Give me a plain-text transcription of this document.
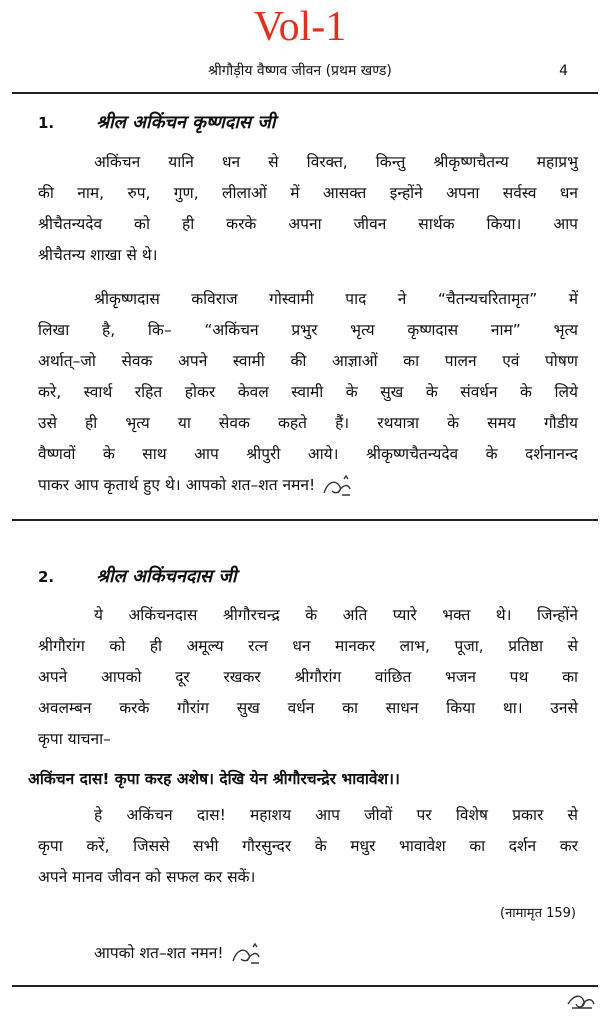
Vol-1
श्रीगौड़ीय वैष्णव जीवन (प्रथम खण्ड)	4
1. श्रील अकिंचन कृष्णदास जी

अकिंचन यानि धन से विरक्त, किन्तु श्रीकृष्णचैतन्य महाप्रभु
की नाम, रुप, गुण, लीलाओं में आसक्त इन्होंने अपना सर्वस्व धन
श्रीचैतन्यदेव को ही करके अपना जीवन सार्थक किया। आप
श्रीचैतन्य शाखा से थे।

श्रीकृष्णदास कविराज गोस्वामी पाद ने “चैतन्यचरितामृत” में
लिखा है, कि– “अकिंचन प्रभुर भृत्य कृष्णदास नाम” भृत्य
अर्थात्–जो सेवक अपने स्वामी की आज्ञाओं का पालन एवं पोषण
करे, स्वार्थ रहित होकर केवल स्वामी के सुख के संवर्धन के लिये
उसे ही भृत्य या सेवक कहते हैं। रथयात्रा के समय गौडीय
वैष्णवों के साथ आप श्रीपुरी आये। श्रीकृष्णचैतन्यदेव के दर्शनानन्द
पाकर आप कृतार्थ हुए थे। आपको शत–शत नमन!

2. श्रील अकिंचनदास जी

ये अकिंचनदास श्रीगौरचन्द्र के अति प्यारे भक्त थे। जिन्होंने
श्रीगौरांग को ही अमूल्य रत्न धन मानकर लाभ, पूजा, प्रतिष्ठा से
अपने आपको दूर रखकर श्रीगौरांग वांछित भजन पथ का
अवलम्बन करके गौरांग सुख वर्धन का साधन किया था। उनसे
कृपा याचना–

अकिंचन दास! कृपा करह अशेष। देखि येन श्रीगौरचन्द्रेर भावावेश।।

हे अकिंचन दास! महाशय आप जीवों पर विशेष प्रकार से
कृपा करें, जिससे सभी गौरसुन्दर के मधुर भावावेश का दर्शन कर
अपने मानव जीवन को सफल कर सकें।

(नामामृत 159)

आपको शत–शत नमन!
